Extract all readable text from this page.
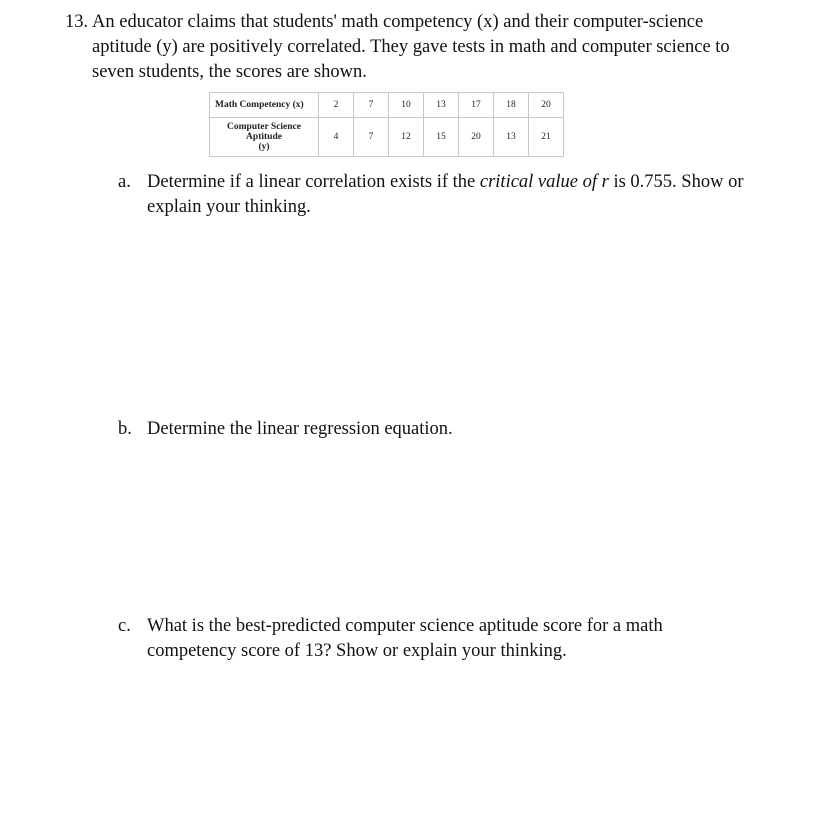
13. An educator claims that students' math competency (x) and their computer-science
aptitude (y) are positively correlated. They gave tests in math and computer science to
seven students, the scores are shown.
Math Competency (x)	2	7	10	13	17	18	20

Computer Science
Aptitude
(y)	4	7	12	15	20	13	21
a. Determine if a linear correlation exists if the critical value of r is 0.755. Show or
explain your thinking.
b. Determine the linear regression equation.
c. What is the best-predicted computer science aptitude score for a math
competency score of 13? Show or explain your thinking.
